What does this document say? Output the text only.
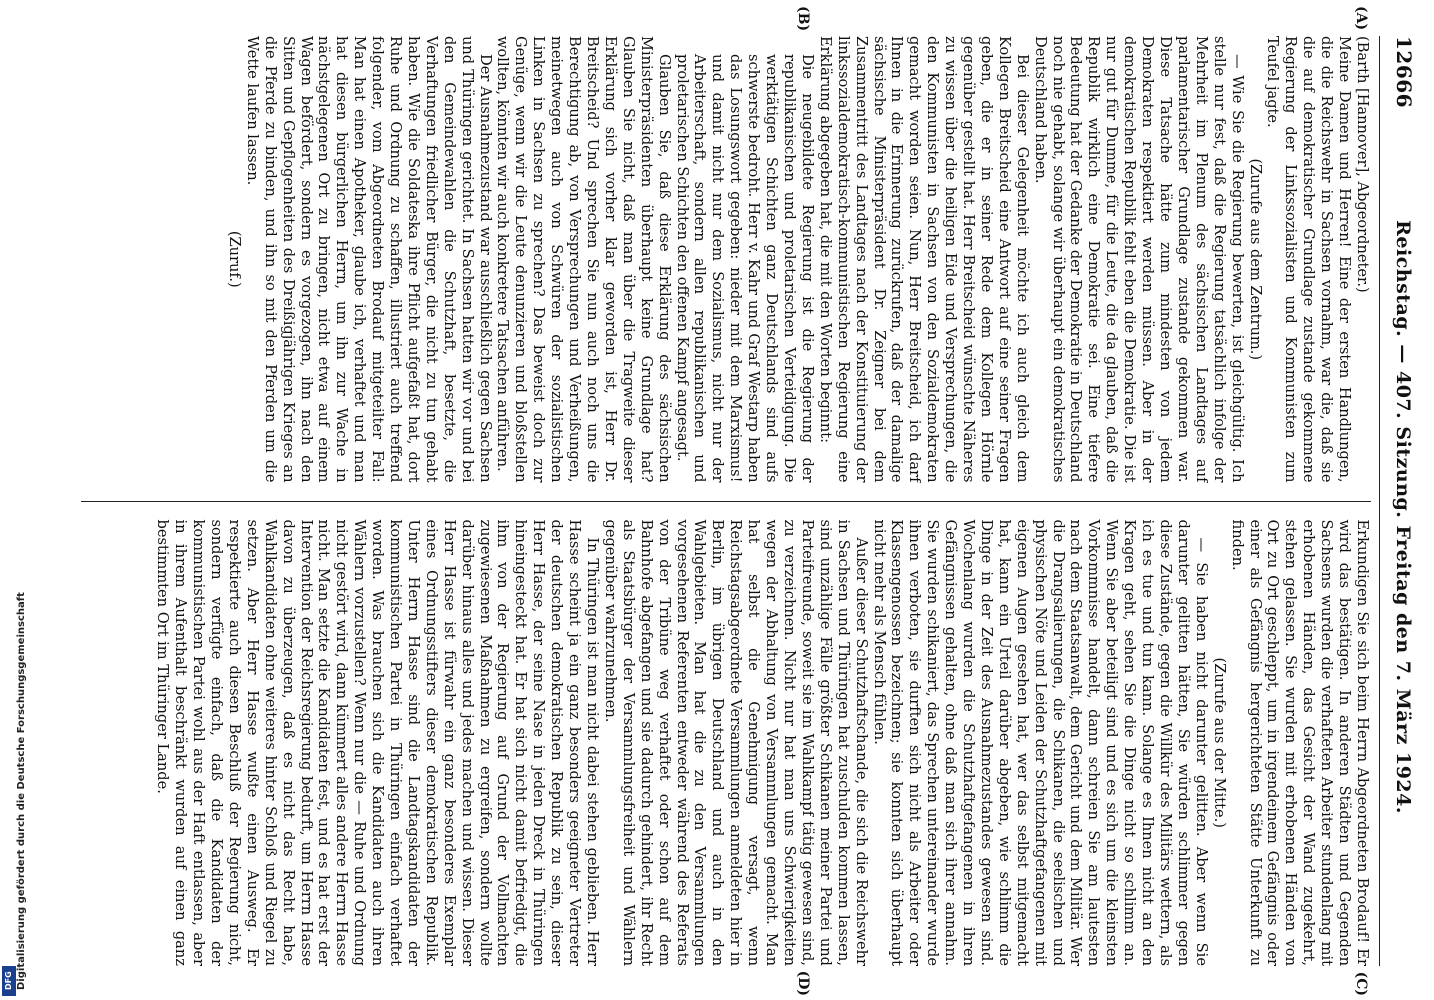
12666
Reichstag. — 407. Sitzung. Freitag den 7. März 1924.
(A)
(B)

(Barth [Hannover], Abgeordneter.)

Meine Damen und Herren! Eine der ersten Handlungen, die die Reichswehr in Sachsen vornahm, war die, daß sie die auf demokratischer Grundlage zustande gekommene Regierung der Linkssozialisten und Kommunisten zum Teufel jagte.

(Zurufe aus dem Zentrum.)

— Wie Sie die Regierung bewerten, ist gleichgültig. Ich stelle nur fest, daß die Regierung tatsächlich infolge der Mehrheit im Plenum des sächsischen Landtages auf parlamentarischer Grundlage zustande gekommen war. Diese Tatsache hätte zum mindesten von jedem Demokraten respektiert werden müssen. Aber in der demokratischen Republik fehlt eben die Demokratie. Die ist nur gut für Dumme, für die Leute, die da glauben, daß die Republik wirklich eine Demokratie sei. Eine tiefere Bedeutung hat der Gedanke der Demokratie in Deutschland noch nie gehabt, solange wir überhaupt ein demokratisches Deutschland haben.

Bei dieser Gelegenheit möchte ich auch gleich dem Kollegen Breitscheid eine Antwort auf eine seiner Fragen geben, die er in seiner Rede dem Kollegen Hörnle gegenüber gestellt hat. Herr Breitscheid wünschte Näheres zu wissen über die heiligen Eide und Versprechungen, die den Kommunisten in Sachsen von den Sozialdemokraten gemacht worden seien. Nun, Herr Breitscheid, ich darf Ihnen in die Erinnerung zurückrufen, daß der damalige sächsische Ministerpräsident Dr. Zeigner bei dem Zusammentritt des Landtages nach der Konstituierung der linkssozialdemokratisch-kommunistischen Regierung eine Erklärung abgegeben hat, die mit den Worten beginnt:

Die neugebildete Regierung ist die Regierung der republikanischen und proletarischen Verteidigung. Die werktätigen Schichten ganz Deutschlands sind aufs schwerste bedroht. Herr v. Kahr und Graf Westarp haben das Losungswort gegeben: nieder mit dem Marxismus! und damit nicht nur dem Sozialismus, nicht nur der Arbeiterschaft, sondern allen republikanischen und proletarischen Schichten den offenen Kampf angesagt.

Glauben Sie, daß diese Erklärung des sächsischen Ministerpräsidenten überhaupt keine Grundlage hat? Glauben Sie nicht, daß man über die Tragweite dieser Erklärung sich vorher klar geworden ist, Herr Dr. Breitscheid? Und sprechen Sie nun auch noch uns die Berechtigung ab, von Versprechungen und Verheißungen, meinetwegen auch von Schwüren der sozialistischen Linken in Sachsen zu sprechen? Das beweist doch zur Genüge, wenn wir die Leute denunzieren und bloßstellen wollten, könnten wir auch konkretere Tatsachen anführen.

Der Ausnahmezustand war ausschließlich gegen Sachsen und Thüringen gerichtet. In Sachsen hatten wir vor und bei den Gemeindewahlen die Schutzhaft, besetzte, die Verhaftungen friedlicher Bürger, die nicht zu tun gehabt haben. Wie die Soldateska ihre Pflicht aufgefaßt hat, dort Ruhe und Ordnung zu schaffen, illustriert auch treffend folgender, vom Abgeordneten Brodauf mitgeteilter Fall: Man hat einen Apotheker, glaube ich, verhaftet und man hat diesen bürgerlichen Herrn, um ihn zur Wache in nächstgelegenen Ort zu bringen, nicht etwa auf einem Wagen befördert, sondern es vorgezogen, ihn nach den Sitten und Gepflogenheiten des Dreißigjährigen Krieges an die Pferde zu binden, und ihn so mit den Pferden um die Wette laufen lassen.

(Zuruf.)

Erkundigen Sie sich beim Herrn Abgeordneten Brodauf! Er wird das bestätigen. In anderen Städten und Gegenden Sachsens wurden die verhafteten Arbeiter stundenlang mit erhobenen Händen, das Gesicht der Wand zugekehrt, stehen gelassen. Sie wurden mit erhobenen Händen von Ort zu Ort geschleppt, um in irgendeinem Gefängnis oder einer als Gefängnis hergerichteten Stätte Unterkunft zu finden.

(Zurufe aus der Mitte.)

— Sie haben nicht darunter gelitten. Aber wenn Sie darunter gelitten hätten, Sie würden schlimmer gegen diese Zustände, gegen die Willkür des Militärs wettern, als ich es tue und tun kann. Solange es Ihnen nicht an den Kragen geht, sehen Sie die Dinge nicht so schlimm an. Wenn Sie aber beteiligt sind und es sich um die kleinsten Vorkommnisse handelt, dann schreien Sie am lautesten nach dem Staatsanwalt, dem Gericht und dem Militär. Wer die Drangsalierungen, die Schikanen, die seelischen und physischen Nöte und Leiden der Schutzhaftgefangenen mit eigenen Augen gesehen hat, wer das selbst mitgemacht hat, kann ein Urteil darüber abgeben, wie schlimm die Dinge in der Zeit des Ausnahmezustandes gewesen sind. Wochenlang wurden die Schutzhaftgefangenen in ihren Gefängnissen gehalten, ohne daß man sich ihrer annahm. Sie wurden schikaniert, das Sprechen untereinander wurde ihnen verboten, sie durften sich nicht als Arbeiter oder Klassengenossen bezeichnen; sie konnten sich überhaupt nicht mehr als Mensch fühlen.

Außer dieser Schutzhaftschande, die sich die Reichswehr in Sachsen und Thüringen hat zuschulden kommen lassen, sind unzählige Fälle größter Schikanen meiner Partei und Parteifreunde, soweit sie im Wahlkampf tätig gewesen sind, zu verzeichnen. Nicht nur hat man uns Schwierigkeiten wegen der Abhaltung von Versammlungen gemacht. Man hat selbst die Genehmigung versagt, wenn Reichstagsabgeordnete Versammlungen anmeldeten hier in Berlin, im übrigen Deutschland und auch in den Wahlgebieten. Man hat die zu den Versammlungen vorgesehenen Referenten entweder während des Referats von der Tribüne weg verhaftet oder schon auf dem Bahnhofe abgefangen und sie dadurch gehindert, ihr Recht als Staatsbürger der Versammlungsfreiheit und Wählern gegenüber wahrzunehmen.

In Thüringen ist man nicht dabei stehen geblieben. Herr Hasse scheint ja ein ganz besonders geeigneter Vertreter der deutschen demokratischen Republik zu sein, dieser Herr Hasse, der seine Nase in jeden Dreck in Thüringen hineingesteckt hat. Er hat sich nicht damit befriedigt, die ihm von der Regierung auf Grund der Vollmachten zugewiesenen Maßnahmen zu ergreifen, sondern wollte darüber hinaus alles und jedes machen und wissen. Dieser Herr Hasse ist fürwahr ein ganz besonderes Exemplar eines Ordnungsstifters dieser demokratischen Republik. Unter Herrn Hasse sind die Landtagskandidaten der kommunistischen Partei in Thüringen einfach verhaftet worden. Was brauchen sich die Kandidaten auch ihren Wählern vorzustellen? Wenn nur die — Ruhe und Ordnung nicht gestört wird, dann kümmert alles andere Herrn Hasse nicht. Man setzte die Kandidaten fest, und es hat erst der Intervention der Reichsregierung bedurft, um Herrn Hasse davon zu überzeugen, daß es nicht das Recht habe, Wahlkandidaten ohne weiteres hinter Schloß und Riegel zu setzen. Aber Herr Hasse wußte einen Ausweg. Er respektierte auch diesen Beschluß der Regierung nicht, sondern verfügte einfach, daß die Kandidaten der kommunistischen Partei wohl aus der Haft entlassen, aber in ihrem Aufenthalt beschränkt wurden auf einen ganz bestimmten Ort im Thüringer Lande.

(C)
(D)
Digitalisierung gefördert durch die Deutsche Forschungsgemeinschaft
DFG
